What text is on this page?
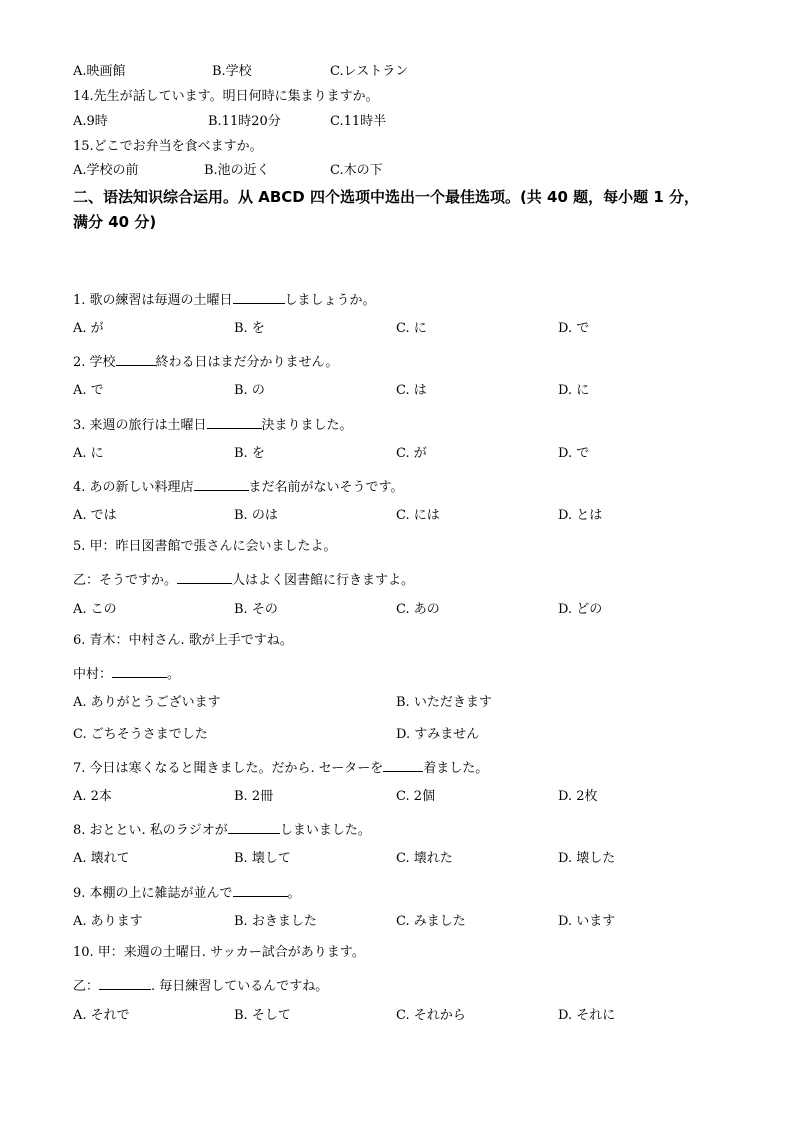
A.映画館	B.学校	C.レストラン
14.先生が話しています。明日何時に集まりますか。
A.9時	B.11時20分	C.11時半
15.どこでお弁当を食べますか。
A.学校の前	B.池の近く	C.木の下
二、语法知识综合运用。从 ABCD 四个选项中选出一个最佳选项。(共 40 题，每小题 1 分，
满分 40 分)
1. 歌の練習は毎週の土曜日	しましょうか。
A. が	B. を	C. に	D. で
2. 学校	終わる日はまだ分かりません。
A. で	B. の	C. は	D. に
3. 来週の旅行は土曜日	決まりました。
A. に	B. を	C. が	D. で
4. あの新しい料理店	まだ名前がないそうです。
A. では	B. のは	C. には	D. とは
5. 甲：昨日図書館で張さんに会いましたよ。
乙：そうですか。	人はよく図書館に行きますよ。
A. この	B. その	C. あの	D. どの
6. 青木：中村さん. 歌が上手ですね。
中村：	。
A. ありがとうございます	B. いただきます
C. ごちそうさまでした	D. すみません
7. 今日は寒くなると聞きました。だから. セーターを	着ました。
A. 2本	B. 2冊	C. 2個	D. 2枚
8. おととい. 私のラジオが	しまいました。
A. 壊れて	B. 壊して	C. 壊れた	D. 壊した
9. 本棚の上に雑誌が並んで	。
A. あります	B. おきました	C. みました	D. います
10. 甲：来週の土曜日. サッカー試合があります。
乙：	. 毎日練習しているんですね。
A. それで	B. そして	C. それから	D. それに
